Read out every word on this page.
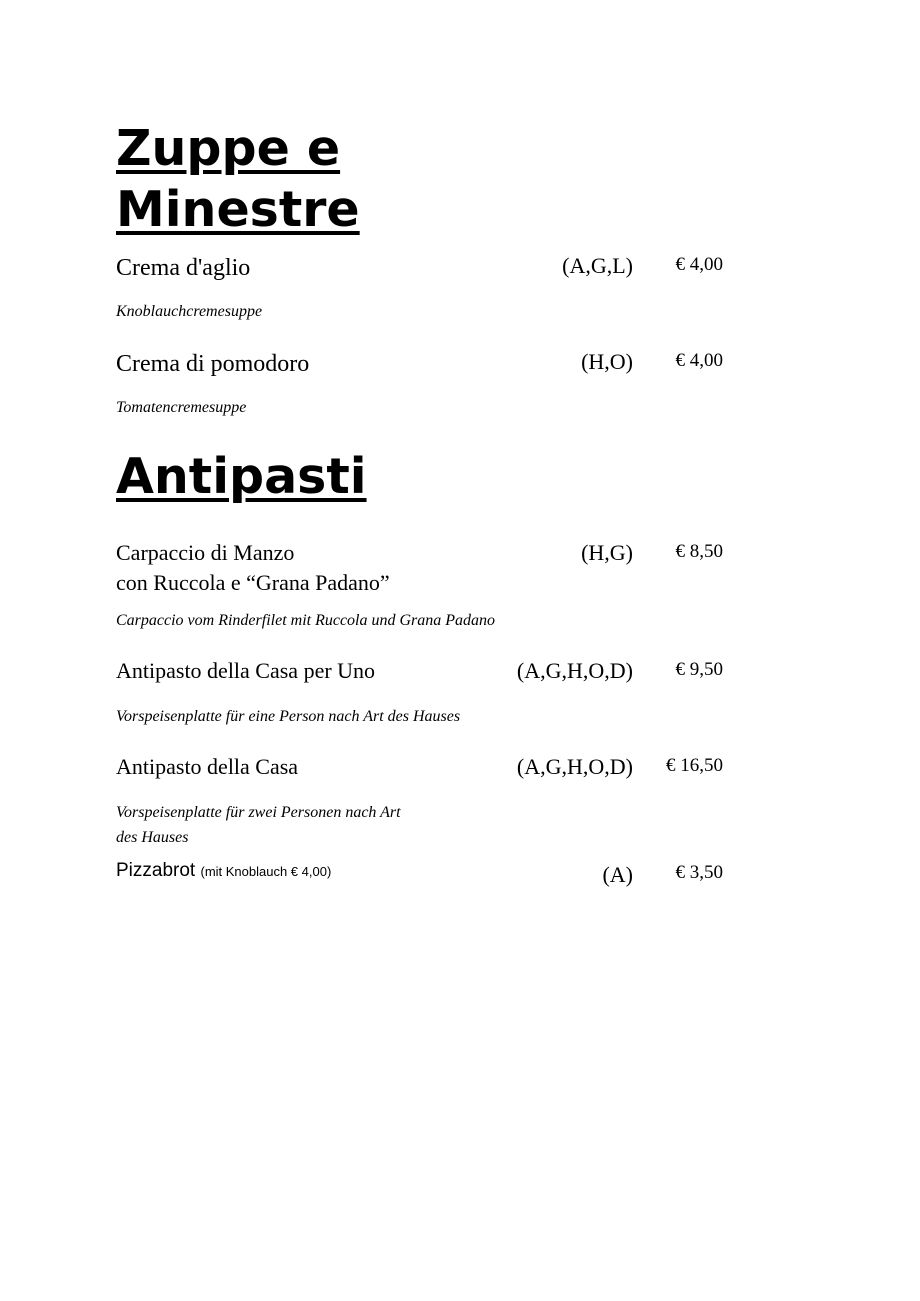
Zuppe e
Minestre
Crema d'aglio	(A,G,L) € 4,00
Knoblauchcremesuppe
Crema di pomodoro	(H,O) € 4,00
Tomatencremesuppe
Antipasti
Carpaccio di Manzo
con Ruccola e “Grana Padano”
(H,G) € 8,50
Carpaccio vom Rinderfilet mit Ruccola und Grana Padano
Antipasto della Casa per Uno	(A,G,H,O,D) € 9,50
Vorspeisenplatte für eine Person nach Art des Hauses
Antipasto della Casa	(A,G,H,O,D) € 16,50
Vorspeisenplatte für zwei Personen nach Art
des Hauses
Pizzabrot (mit Knoblauch € 4,00)	(A) € 3,50
